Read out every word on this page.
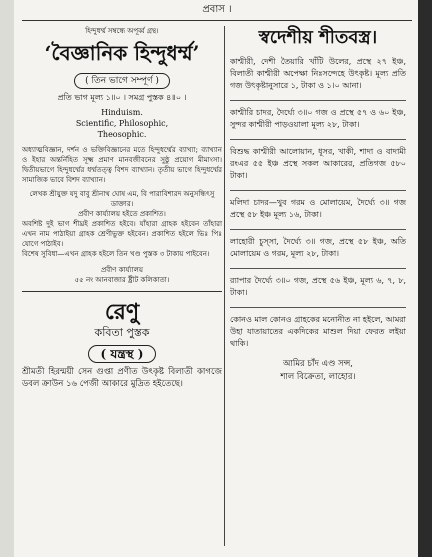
প্রবাস ।

হিন্দুধর্ম্ম সম্বন্ধে অপূর্ব্ব গ্রন্থ।

‘বৈজ্ঞানিক হিন্দুধর্ম্ম’
( তিন ভাগে সম্পূর্ণ )

প্রতি ভাগ মূল্য ১॥০ । সমগ্র পুস্তক ৪॥০ ।

Hinduism.

Scientific, Philosophic,

Theosophic.

অধ্যাত্মবিজ্ঞান, দর্শন ও ভক্তিবিজ্ঞানের মতে হিন্দুধর্ম্মের ব্যাখ্যা; ব্যাখ্যান ও ইহার অন্তর্নিহিত সূক্ষ্ম প্রমাণ মানবজীবনের সুষ্ঠু প্রয়োগ মীমাংসা। দ্বিতীয়ভাগে হিন্দুধর্ম্মের ধর্ম্মতত্ত্ব বিশদ ব্যাখ্যান। তৃতীয় ভাগে হিন্দুধর্ম্মের সামাজিক ভাবে বিশদ ব্যাখ্যান।

লেখক শ্রীযুক্ত যদু বাবু শ্রীনাথ ঘোষ এম, বি পারাবিশারদ অনুসন্ধিৎসু ডাক্তার।

প্রবীণ কার্য্যালয় হইতে প্রকাশিত।

অবশিষ্ট দুই ভাগ শীঘ্রই প্রকাশিত হইবে। যাঁহারা গ্রাহক হইবেন তাঁহারা এখন নাম পাঠাইয়া গ্রাহক শ্রেণীভুক্ত হইবেন। প্রকাশিত হইলে ভিঃ পিঃ যোগে পাঠাইব।

বিশেষ সুবিধা—এখন গ্রাহক হইলে তিন খণ্ড পুস্তক ৩ টাকায় পাইবেন।

প্রবীণ কার্য্যালয়

৫৫ নং আনবাজার ষ্ট্রীট কলিকাতা।

রেণু

কবিতা পুস্তক

( যন্ত্রস্থ )

শ্রীমতী হিরন্ময়ী সেন গুপ্তা প্রণীত উৎকৃষ্ট বিলাতী কাগজে ডবল ক্রাউন ১৬ পেজী আকারে মুদ্রিত হইতেছে।

স্বদেশীয় শীতবস্ত্র।

কাশ্মীরী, দেশী তৈয়ারি খাঁটি উলের, প্রস্থে ২৭ ইঞ্চ, বিলাতী কাশ্মীরী অপেক্ষা নিঃসন্দেহে উৎকৃষ্ট। মূল্য প্রতি গজ উৎকৃষ্টানুসারে ১, টাকা ও ১।০ আনা।

কাশ্মীরি চাদর, দৈর্ঘ্যে ৩॥০ গজ ও প্রস্থে ৫৭ ও ৬০ ইঞ্চ, সুন্দর কাশ্মীরী পাড়ওয়ালা মূল্য ২৮, টাকা।

বিশুদ্ধ কাশ্মীরী আলোয়ান, ধূসর, খাকী, শাদা ও বাদামী রংএর ৫৫ ইঞ্চ প্রস্থে সকল আকারের, প্রতিগজ ৫৮০ টাকা।

মলিদা চাদর—খুব গরম ও মোলায়েম, দৈর্ঘ্যে ৩॥ গজ প্রস্থে ৫৮ ইঞ্চ মূল্য ১৬, টাকা।

লাহোরী চুস্সা, দৈর্ঘ্যে ৩॥ গজ, প্রস্থে ৫৮ ইঞ্চ, অতি মোলায়েম ও গরম, মূল্য ২৮, টাকা।

র‍্যাপার দৈর্ঘ্যে ৩॥০ গজ, প্রস্থে ৫৬ ইঞ্চ, মূল্য ৬, ৭, ৮, টাকা।

কোনও মাল কোনও গ্রাহকের মনোনীত না হইলে, আমরা উহা যাতায়াতের একদিকের মাশুল দিয়া ফেরত লইয়া থাকি।

আমির চাঁদ এণ্ড সন্স,

শাল বিক্রেতা, লাহোর।
